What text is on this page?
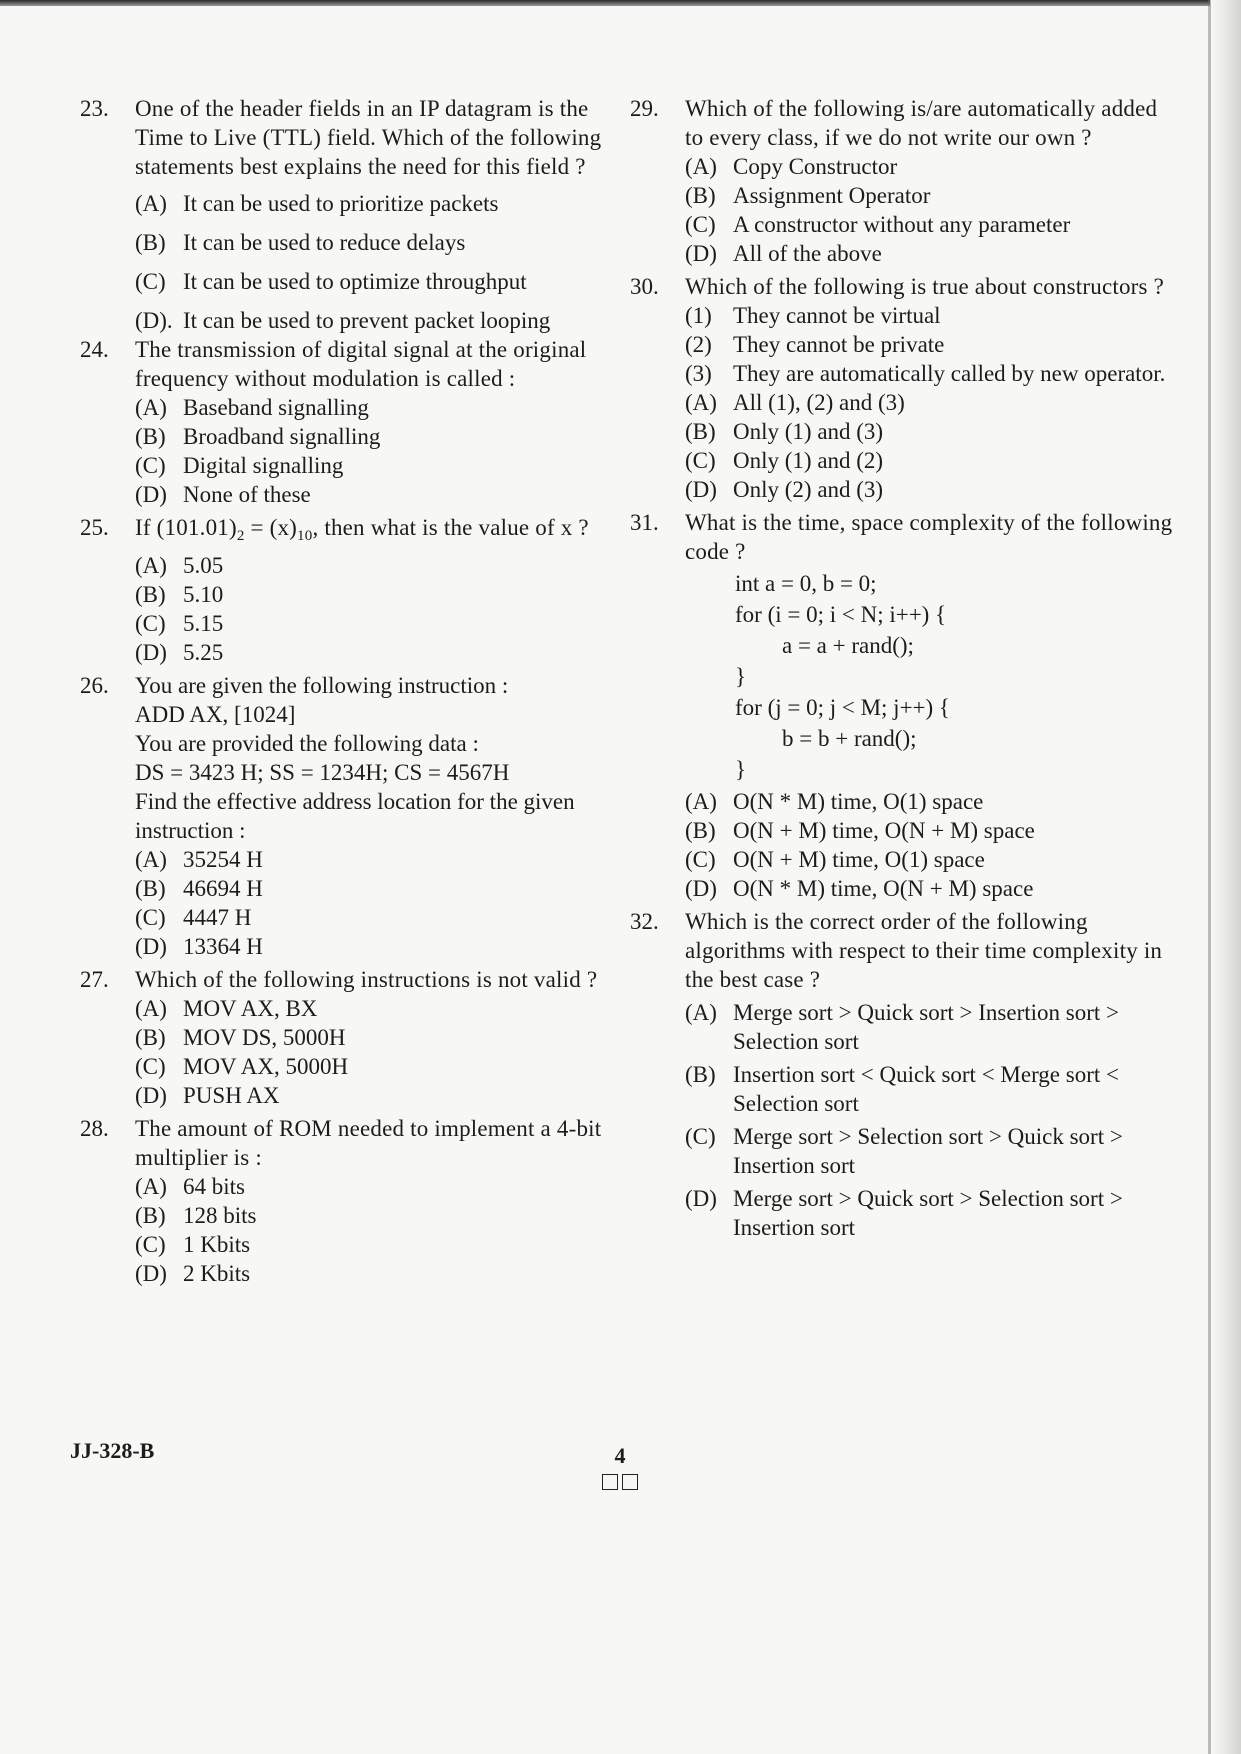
23. One of the header fields in an IP datagram is the Time to Live (TTL) field. Which of the following statements best explains the need for this field ?
(A) It can be used to prioritize packets
(B) It can be used to reduce delays
(C) It can be used to optimize throughput
(D). It can be used to prevent packet looping
24. The transmission of digital signal at the original frequency without modulation is called :
(A) Baseband signalling
(B) Broadband signalling
(C) Digital signalling
(D) None of these
25. If $(101.01)_2 = (x)_{10}$, then what is the value of x ?
(A) 5.05
(B) 5.10
(C) 5.15
(D) 5.25
26. You are given the following instruction :
ADD AX, [1024]
You are provided the following data :
DS = 3423 H; SS = 1234H; CS = 4567H
Find the effective address location for the given instruction :
(A) 35254 H
(B) 46694 H
(C) 4447 H
(D) 13364 H
27. Which of the following instructions is not valid ?
(A) MOV AX, BX
(B) MOV DS, 5000H
(C) MOV AX, 5000H
(D) PUSH AX
28. The amount of ROM needed to implement a 4-bit multiplier is :
(A) 64 bits
(B) 128 bits
(C) 1 Kbits
(D) 2 Kbits
29. Which of the following is/are automatically added to every class, if we do not write our own ?
(A) Copy Constructor
(B) Assignment Operator
(C) A constructor without any parameter
(D) All of the above
30. Which of the following is true about constructors ?
(1) They cannot be virtual
(2) They cannot be private
(3) They are automatically called by new operator.
(A) All (1), (2) and (3)
(B) Only (1) and (3)
(C) Only (1) and (2)
(D) Only (2) and (3)
31. What is the time, space complexity of the following code ?
int a = 0, b = 0;
for (i = 0; i < N; i++) {
a = a + rand();
}
for (j = 0; j < M; j++) {
b = b + rand();
}
(A) O(N * M) time, O(1) space
(B) O(N + M) time, O(N + M) space
(C) O(N + M) time, O(1) space
(D) O(N * M) time, O(N + M) space
32. Which is the correct order of the following algorithms with respect to their time complexity in the best case ?
(A) Merge sort > Quick sort > Insertion sort > Selection sort
(B) Insertion sort < Quick sort < Merge sort < Selection sort
(C) Merge sort > Selection sort > Quick sort > Insertion sort
(D) Merge sort > Quick sort > Selection sort > Insertion sort
JJ-328-B	4
